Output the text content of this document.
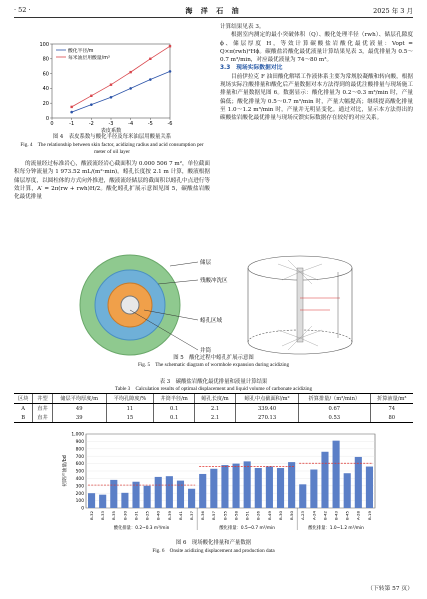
· 52 ·	海 洋 石 油	2025 年 3 月
0
20
40
60
80
100
0	-1	-2	-3	-4	-5	-6
表皮系数
酸化半径/m
每米油层用酸量/m³
图 4　表皮系数与酸化半径及每米油层用酸量关系
Fig. 4　The relationship between skin factor, acidizing radius and acid consumption per meter of oil layer

的流量经过标准岩心，酸液流经岩心截面积为 0.000 506 7 m²，单位截面积每分钟流量为 1 973.52 mL/(m²·min)。蚓孔长度按 2.1 m 计算，酸液根据储层厚度，以圆柱体的方式向外推进，酸液流经储层的截面积以蚓孔中点进行等效计算，A′ = 2π(rw + rwh)H/2。酸化蚓孔扩展示意图见图 5，碳酸盐岩酸化最优排量

计算结果见表 3。

根据室内测定的最小突破体积（Q）、酸化处理半径（rwh）、储层孔隙度 ϕ、储层厚度 H，等效计算碳酸盐岩酸化最优液量：Vopt = Q×π(rwh)²Hϕ。碳酸盐岩酸化最优液量计算结果见表 3，最优排量为 0.5～0.7 m³/min，对应最优液量为 74～80 m³。

3.3　现场实际数据对比

目前伊拉克 F 油田酸化解堵工作液体系主要为常规胶凝酸和转向酸，根据现场实际注酸排量和酸化后产量数据对本方法得到的最优注酸排量与现场施工排量和产量数据见图 6。数据显示：酸化排量为 0.2～0.3 m³/min 时，产量偏低；酸化排量为 0.5～0.7 m³/min 时，产量大幅提高；继续提高酸化排量至 1.0～1.2 m³/min 时，产量并无明显变化。通过对比，显示本方法得出的碳酸盐岩酸化最优排量与现场反馈实际数据存在较好的对应关系。

储层
残酸冲洗区
蚓孔区域
井筒
图 5　酸化过程中蚓孔扩展示意图
Fig. 5　The schematic diagram of wormhole expansion during acidizing
表 3　碳酸盐岩酸化最优排量和液量计算结果
Table 3　Calculation results of optimal displacement and liquid volume of carbonate acidizing
区块	井型	储层平均厚度/m	平均孔隙度/%	井筒半径/m	蚓孔长度/m	蚓孔中点截面积/m²	折算排量/（m³/min）	折算液量/m³
A	直井	49	11	0.1	2.1	339.40	0.67	74
B	直井	39	15	0.1	2.1	270.13	0.53	80
0
100
200
300
400
500
600
700
800
900
1,000
初期产油量/bd
B-32 B-33 B-35 B-30 B-31 B-25 B-40 B-39 B-41 B-37 B-36 B-57 B-55 B-58 B-51 B-26 B-49 B-30 B-50 A-23 A-24 B-42 B-43 B-45 A-28 B-19
酸化排量：0.2~0.3 m³/min	酸化排量：0.5~0.7 m³/min	酸化排量：1.0~1.2 m³/min
图 6　现场酸化排量和产量数据
Fig. 6　Onsite acidizing displacement and production data
（下转第 57 页）
